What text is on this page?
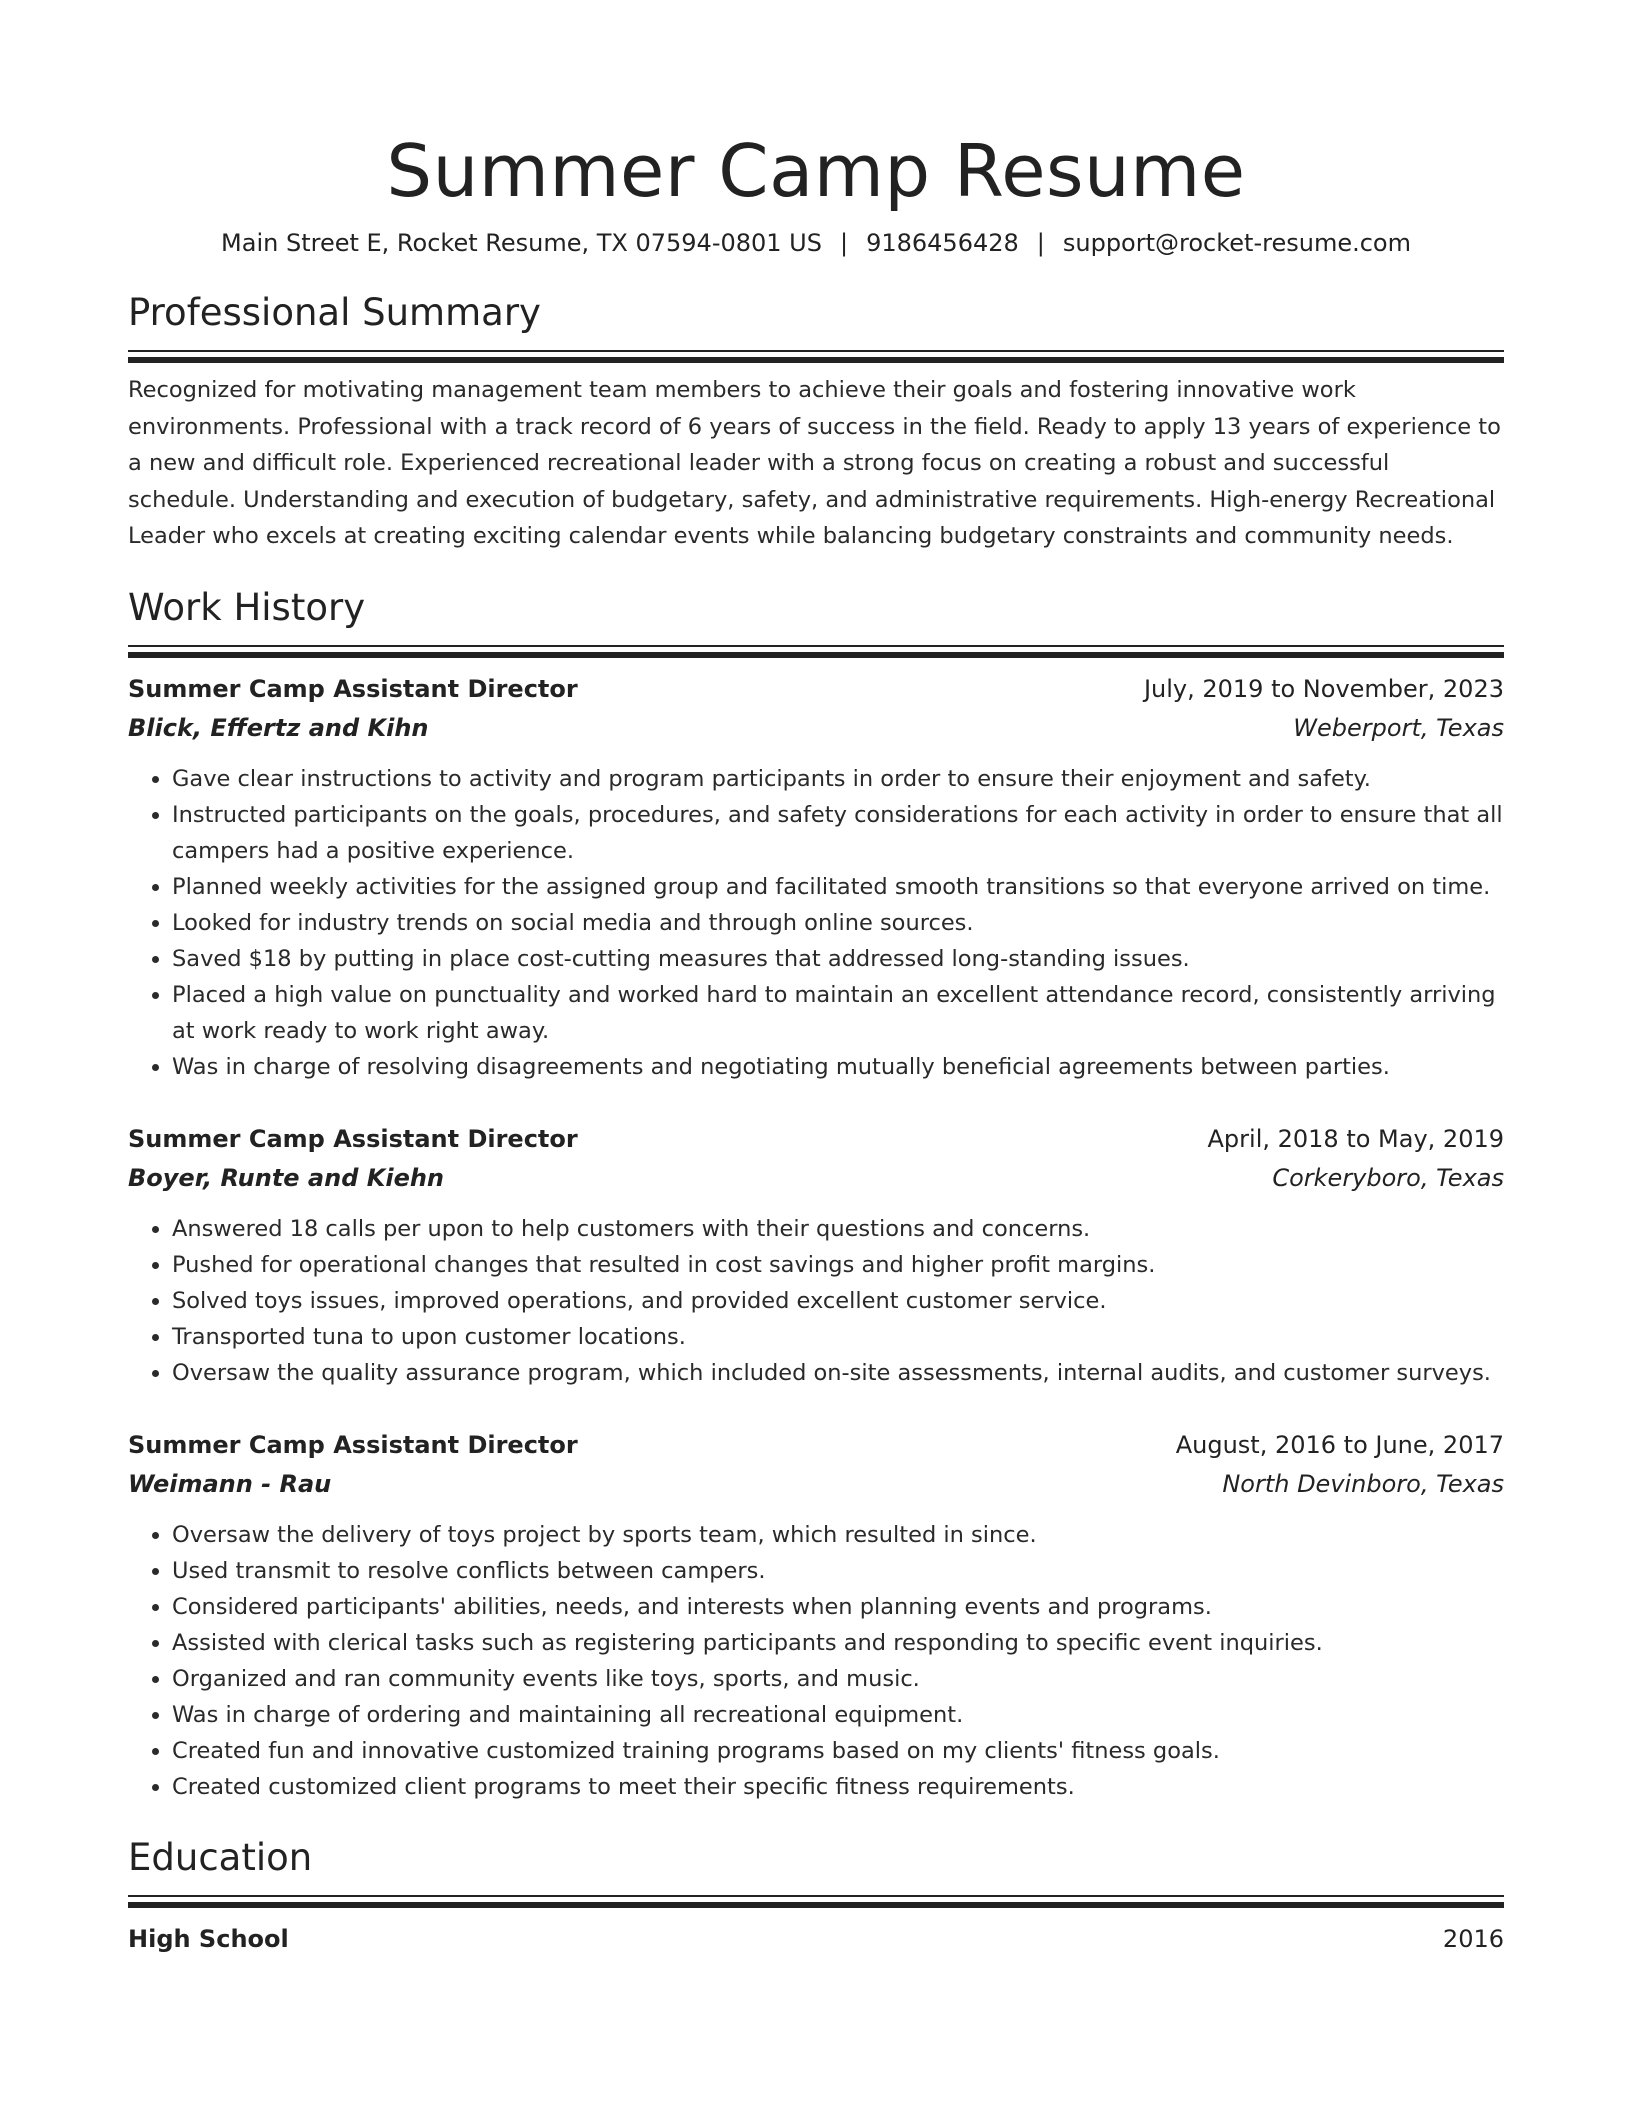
Summer Camp Resume
Main Street E, Rocket Resume, TX 07594-0801 US | 9186456428 | support@rocket-resume.com
Professional Summary

Recognized for motivating management team members to achieve their goals and fostering innovative work environments. Professional with a track record of 6 years of success in the field. Ready to apply 13 years of experience to a new and difficult role. Experienced recreational leader with a strong focus on creating a robust and successful schedule. Understanding and execution of budgetary, safety, and administrative requirements. High-energy Recreational Leader who excels at creating exciting calendar events while balancing budgetary constraints and community needs.

Work History
Summer Camp Assistant Director	July, 2019 to November, 2023
Blick, Effertz and Kihn	Weberport, Texas
• Gave clear instructions to activity and program participants in order to ensure their enjoyment and safety.
• Instructed participants on the goals, procedures, and safety considerations for each activity in order to ensure that all campers had a positive experience.
• Planned weekly activities for the assigned group and facilitated smooth transitions so that everyone arrived on time.
• Looked for industry trends on social media and through online sources.
• Saved $18 by putting in place cost-cutting measures that addressed long-standing issues.
• Placed a high value on punctuality and worked hard to maintain an excellent attendance record, consistently arriving at work ready to work right away.
• Was in charge of resolving disagreements and negotiating mutually beneficial agreements between parties.
Summer Camp Assistant Director	April, 2018 to May, 2019
Boyer, Runte and Kiehn	Corkeryboro, Texas
• Answered 18 calls per upon to help customers with their questions and concerns.
• Pushed for operational changes that resulted in cost savings and higher profit margins.
• Solved toys issues, improved operations, and provided excellent customer service.
• Transported tuna to upon customer locations.
• Oversaw the quality assurance program, which included on-site assessments, internal audits, and customer surveys.
Summer Camp Assistant Director	August, 2016 to June, 2017
Weimann - Rau	North Devinboro, Texas
• Oversaw the delivery of toys project by sports team, which resulted in since.
• Used transmit to resolve conflicts between campers.
• Considered participants' abilities, needs, and interests when planning events and programs.
• Assisted with clerical tasks such as registering participants and responding to specific event inquiries.
• Organized and ran community events like toys, sports, and music.
• Was in charge of ordering and maintaining all recreational equipment.
• Created fun and innovative customized training programs based on my clients' fitness goals.
• Created customized client programs to meet their specific fitness requirements.
Education
High School	2016
